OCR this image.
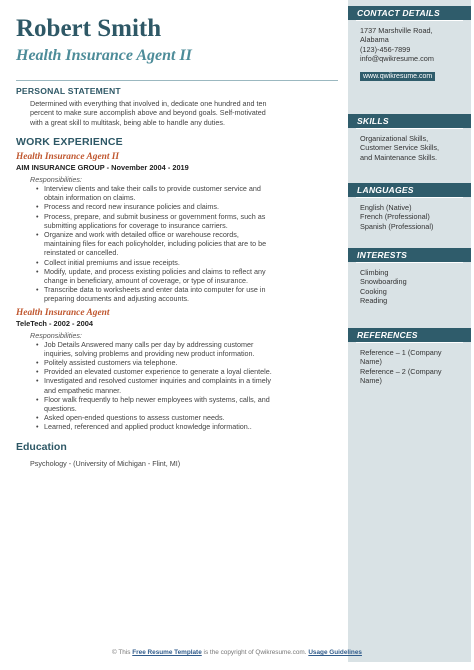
Robert Smith
Health Insurance Agent II
PERSONAL STATEMENT
Determined with everything that involved in, dedicate one hundred and ten
percent to make sure accomplish above and beyond goals. Self-motivated
with a great skill to multitask, being able to handle any duties.
WORK EXPERIENCE
Health Insurance Agent II
AIM INSURANCE GROUP - November 2004 - 2019
Responsibilities:
• Interview clients and take their calls to provide customer service and
obtain information on claims.
• Process and record new insurance policies and claims.
• Process, prepare, and submit business or government forms, such as
submitting applications for coverage to insurance carriers.
• Organize and work with detailed office or warehouse records,
maintaining files for each policyholder, including policies that are to be
reinstated or cancelled.
• Collect initial premiums and issue receipts.
• Modify, update, and process existing policies and claims to reflect any
change in beneficiary, amount of coverage, or type of insurance.
• Transcribe data to worksheets and enter data into computer for use in
preparing documents and adjusting accounts.
Health Insurance Agent
TeleTech - 2002 - 2004
Responsibilities:
• Job Details Answered many calls per day by addressing customer
inquiries, solving problems and providing new product information.
• Politely assisted customers via telephone.
• Provided an elevated customer experience to generate a loyal clientele.
• Investigated and resolved customer inquiries and complaints in a timely
and empathetic manner.
• Floor walk frequently to help newer employees with systems, calls, and
questions.
• Asked open-ended questions to assess customer needs.
• Learned, referenced and applied product knowledge information..
Education
Psychology - (University of Michigan - Flint, MI)
CONTACT DETAILS
1737 Marshville Road,
Alabama
(123)-456-7899
info@qwikresume.com
www.qwikresume.com
SKILLS
Organizational Skills,
Customer Service Skills,
and Maintenance Skills.
LANGUAGES
English (Native)
French (Professional)
Spanish (Professional)
INTERESTS
Climbing
Snowboarding
Cooking
Reading
REFERENCES
Reference – 1 (Company
Name)
Reference – 2 (Company
Name)
© This Free Resume Template is the copyright of Qwikresume.com. Usage Guidelines
